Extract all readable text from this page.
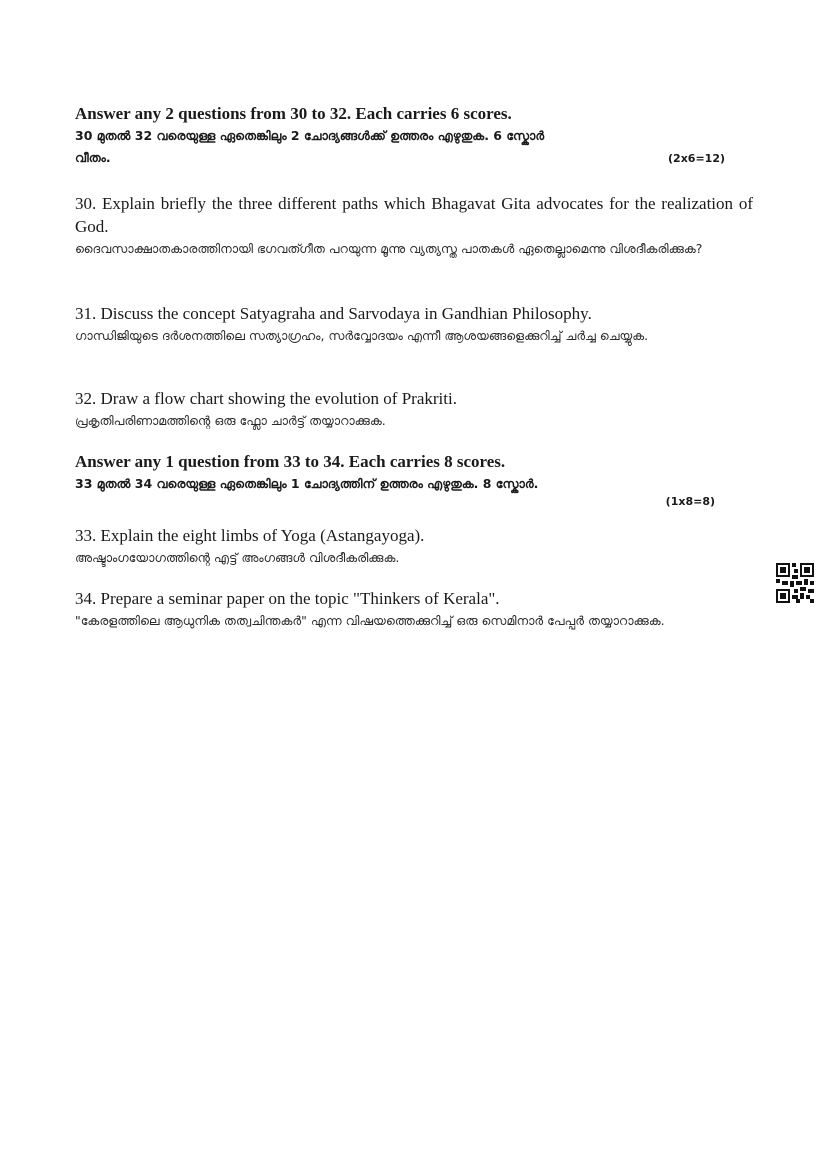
Answer any 2 questions from 30 to 32. Each carries 6 scores.

30 മുതൽ 32 വരെയുള്ള ഏതെങ്കിലും 2 ചോദ്യങ്ങൾക്ക് ഉത്തരം എഴുതുക. 6 സ്കോർ

വീതം.	(2x6=12)

30. Explain briefly the three different paths which Bhagavat Gita advocates for the realization of God.

ദൈവസാക്ഷാതകാരത്തിനായി ഭഗവത്ഗീത പറയുന്ന മൂന്നു വ്യത്യസ്ത പാതകൾ ഏതെല്ലാമെന്നു വിശദീകരിക്കുക?

31. Discuss the concept Satyagraha and Sarvodaya in Gandhian Philosophy.

ഗാന്ധിജിയുടെ ദർശനത്തിലെ സത്യാഗ്രഹം, സർവ്വോദയം എന്നീ ആശയങ്ങളെക്കുറിച്ച് ചർച്ച ചെയ്യുക.

32. Draw a flow chart showing the evolution of Prakriti.

പ്രകൃതിപരിണാമത്തിന്റെ ഒരു ഫ്ലോ ചാർട്ട് തയ്യാറാക്കുക.

Answer any 1 question from 33 to 34. Each carries 8 scores.

33 മുതൽ 34 വരെയുള്ള ഏതെങ്കിലും 1 ചോദ്യത്തിന് ഉത്തരം എഴുതുക. 8 സ്കോർ.

(1x8=8)

33. Explain the eight limbs of Yoga (Astangayoga).

അഷ്ടാംഗയോഗത്തിന്റെ എട്ട് അംഗങ്ങൾ വിശദീകരിക്കുക.

34. Prepare a seminar paper on the topic "Thinkers of Kerala".

"കേരളത്തിലെ ആധുനിക തത്വചിന്തകർ" എന്ന വിഷയത്തെക്കുറിച്ച് ഒരു സെമിനാർ പേപ്പർ തയ്യാറാക്കുക.
